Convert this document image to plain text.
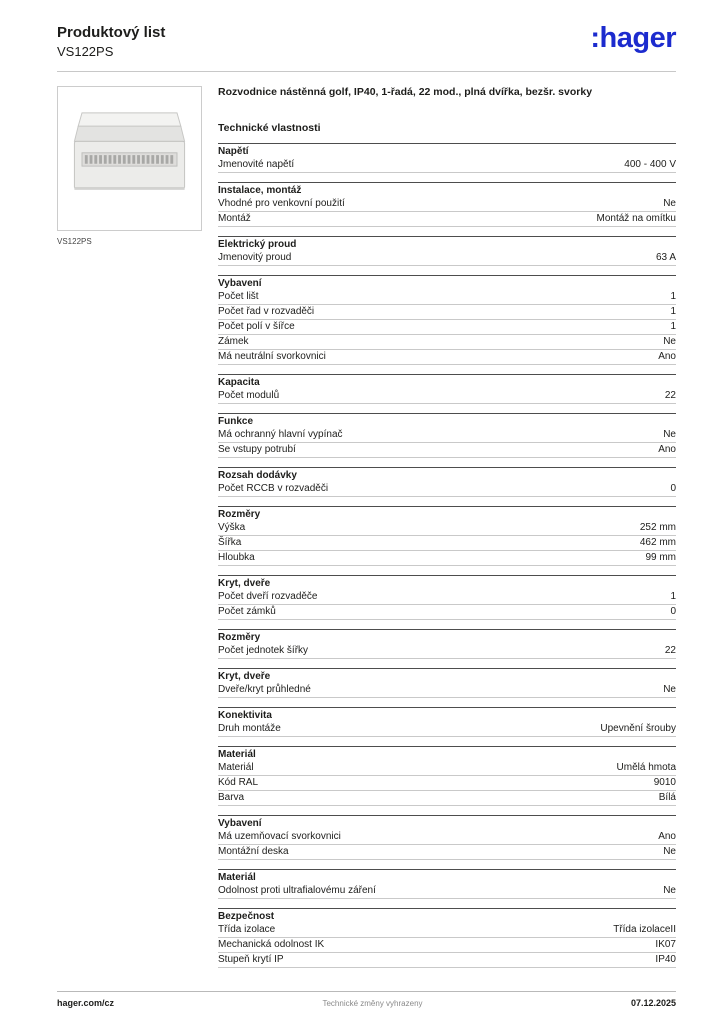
Produktový list
VS122PS	:hager
VS122PS
Rozvodnice nástěnná golf, IP40, 1-řadá, 22 mod., plná dvířka, bezšr. svorky
Technické vlastnosti
Napětí
Jmenovité napětí	400 - 400 V
Instalace, montáž
Vhodné pro venkovní použití	Ne
Montáž	Montáž na omítku
Elektrický proud
Jmenovitý proud	63 A
Vybavení
Počet lišt	1
Počet řad v rozvaděči	1
Počet polí v šířce	1
Zámek	Ne
Má neutrální svorkovnici	Ano
Kapacita
Počet modulů	22
Funkce
Má ochranný hlavní vypínač	Ne
Se vstupy potrubí	Ano
Rozsah dodávky
Počet RCCB v rozvaděči	0
Rozměry
Výška	252 mm
Šířka	462 mm
Hloubka	99 mm
Kryt, dveře
Počet dveří rozvaděče	1
Počet zámků	0
Rozměry
Počet jednotek šířky	22
Kryt, dveře
Dveře/kryt průhledné	Ne
Konektivita
Druh montáže	Upevnění šrouby
Materiál
Materiál	Umělá hmota
Kód RAL	9010
Barva	Bílá
Vybavení
Má uzemňovací svorkovnici	Ano
Montážní deska	Ne
Materiál
Odolnost proti ultrafialovému záření	Ne
Bezpečnost
Třída izolace	Třída izolaceII
Mechanická odolnost IK	IK07
Stupeň krytí IP	IP40
hager.com/cz	Technické změny vyhrazeny	07.12.2025
